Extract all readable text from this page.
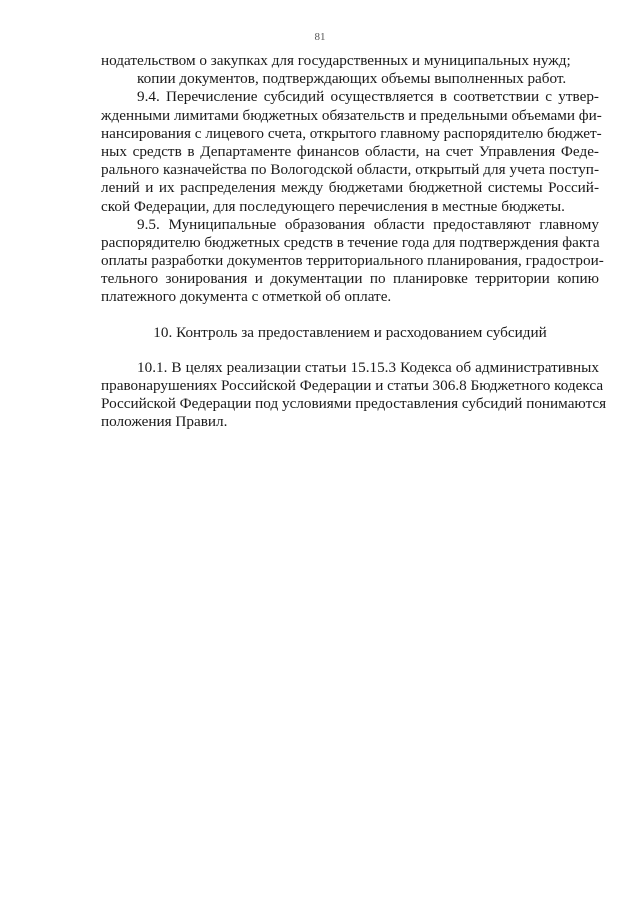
81
нодательством о закупках для государственных и муниципальных нужд;
копии документов, подтверждающих объемы выполненных работ.
9.4. Перечисление субсидий осуществляется в соответствии с утвер-
жденными лимитами бюджетных обязательств и предельными объемами фи-
нансирования с лицевого счета, открытого главному распорядителю бюджет-
ных средств в Департаменте финансов области, на счет Управления Феде-
рального казначейства по Вологодской области, открытый для учета поступ-
лений и их распределения между бюджетами бюджетной системы Россий-
ской Федерации, для последующего перечисления в местные бюджеты.
9.5. Муниципальные образования области предоставляют главному
распорядителю бюджетных средств в течение года для подтверждения факта
оплаты разработки документов территориального планирования, градострои-
тельного зонирования и документации по планировке территории копию
платежного документа с отметкой об оплате.
10. Контроль за предоставлением и расходованием субсидий
10.1. В целях реализации статьи 15.15.3 Кодекса об административных
правонарушениях Российской Федерации и статьи 306.8 Бюджетного кодекса
Российской Федерации под условиями предоставления субсидий понимаются
положения Правил.
